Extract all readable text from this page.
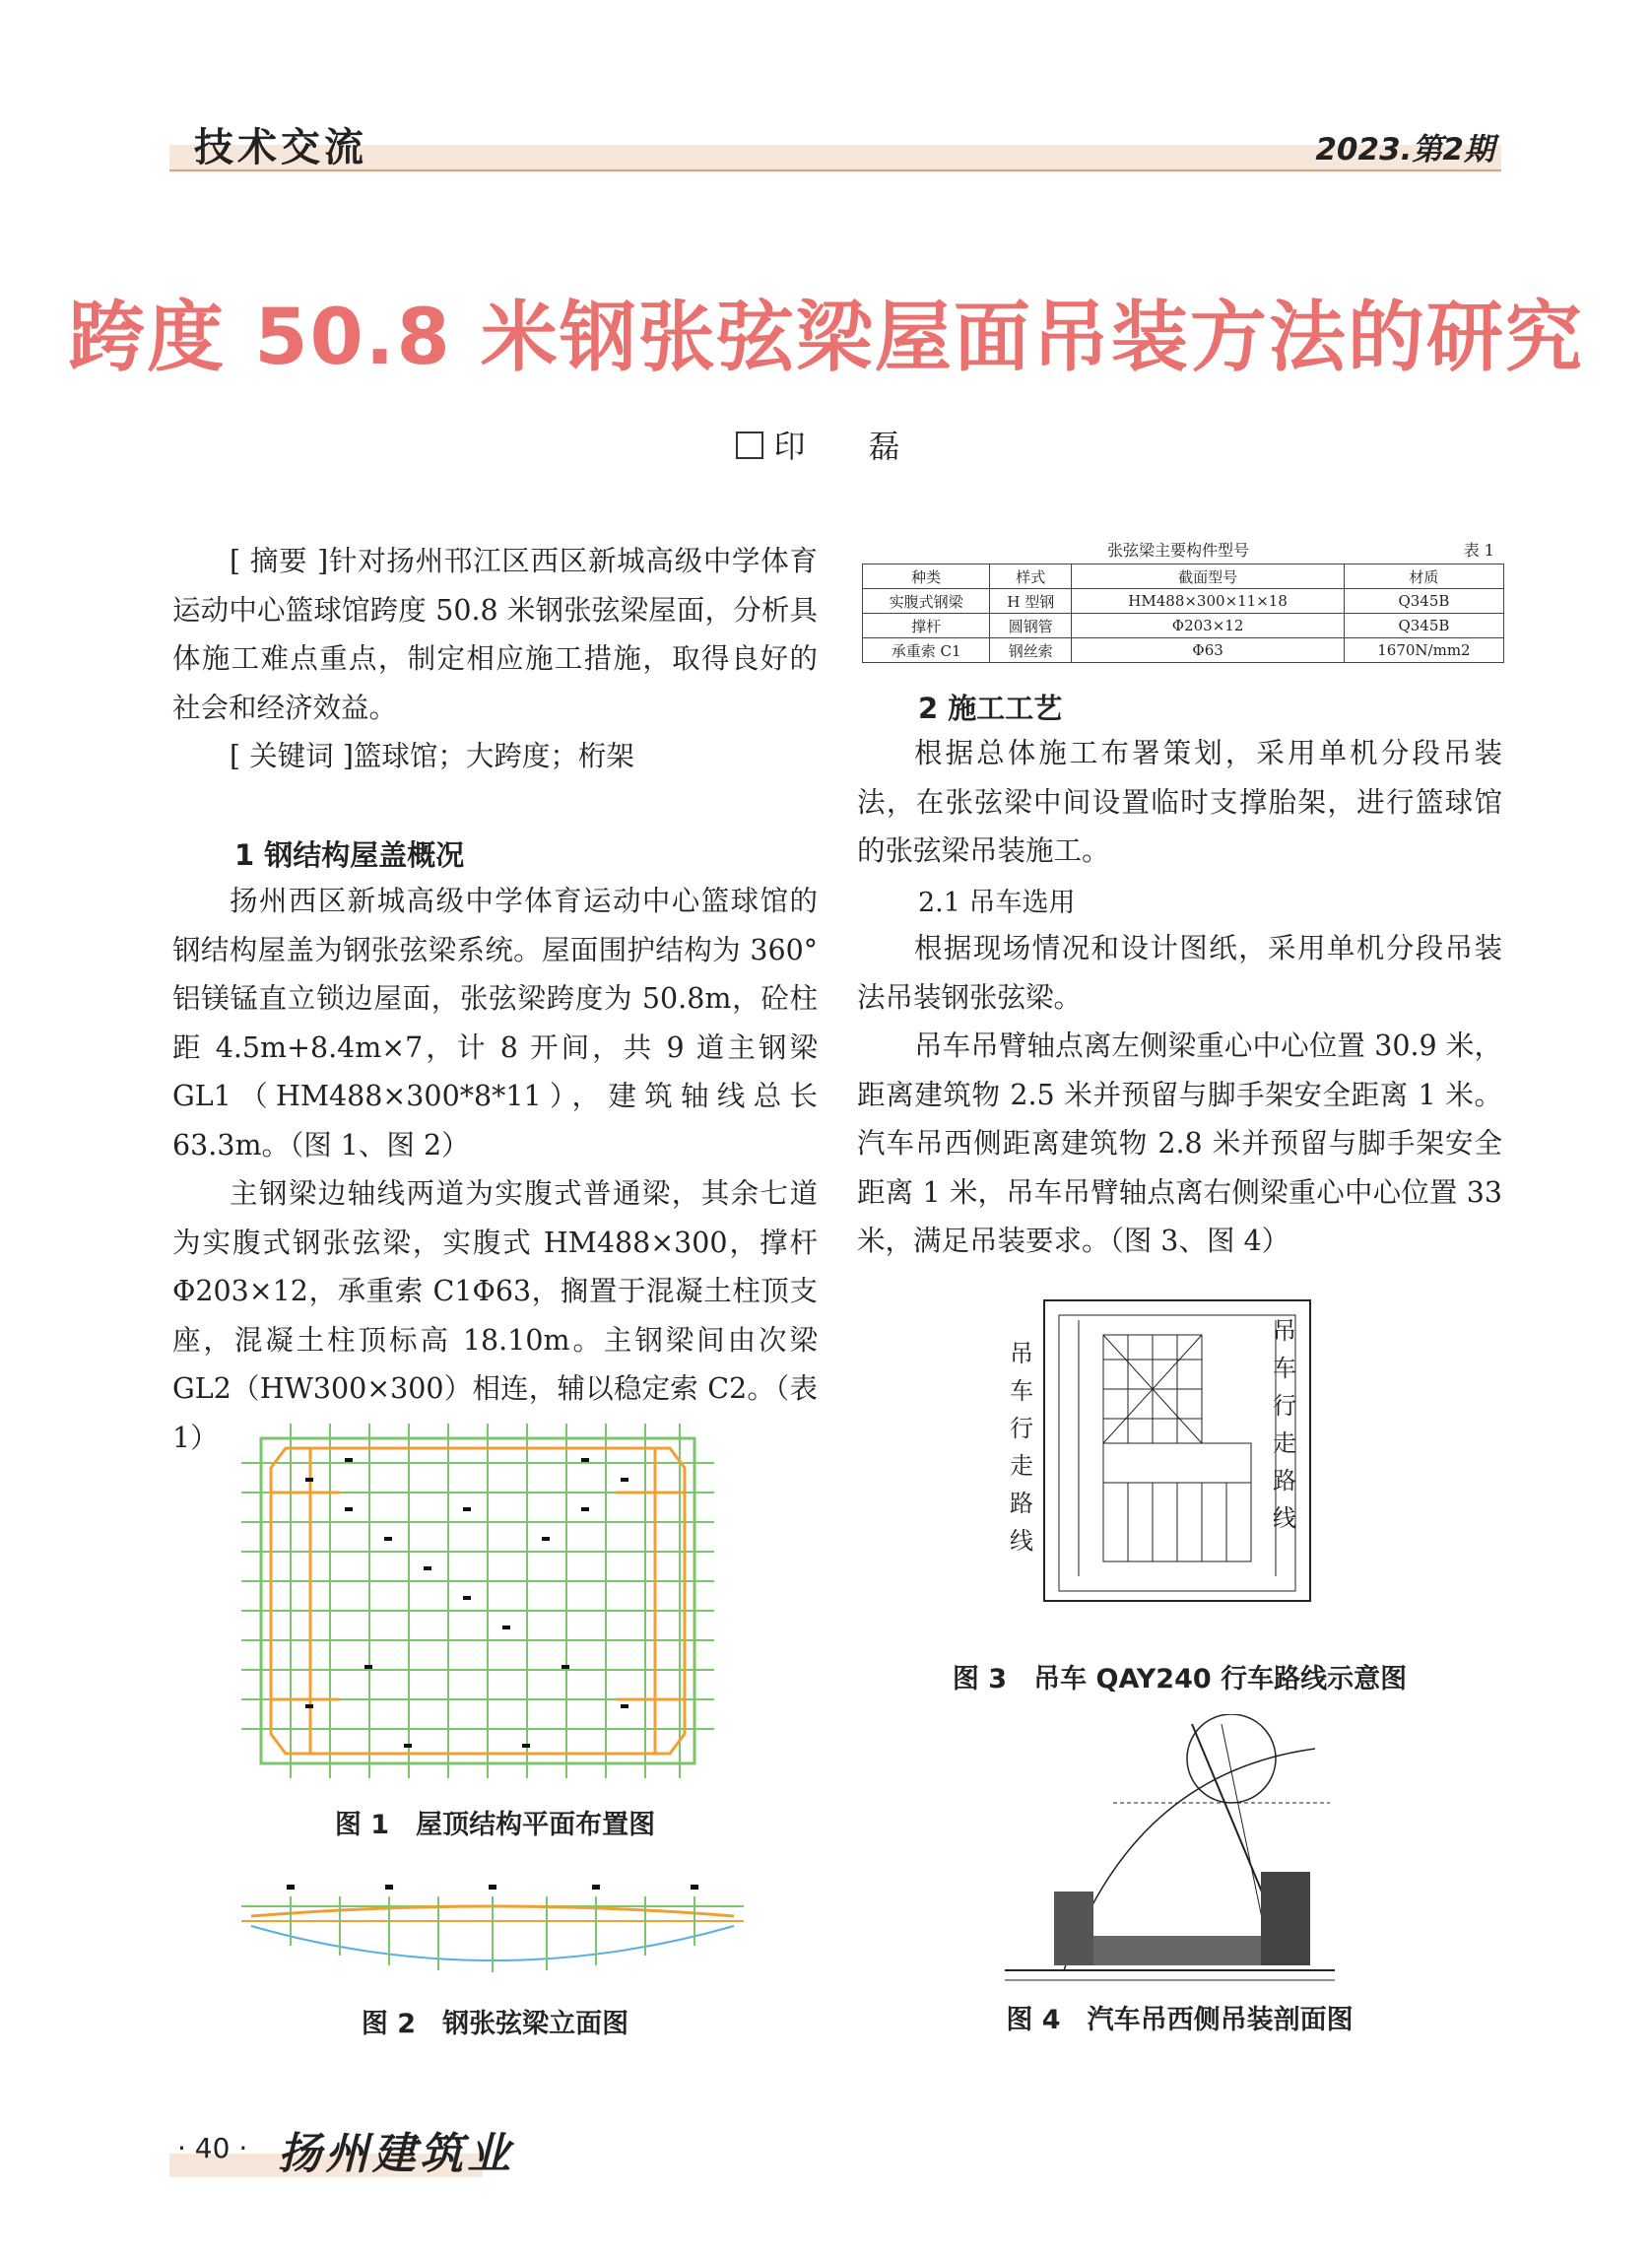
技术交流	2023.第2期
跨度 50.8 米钢张弦梁屋面吊装方法的研究
印　磊
[ 摘要 ]针对扬州邗江区西区新城高级中学体育运动中心篮球馆跨度 50.8 米钢张弦梁屋面，分析具体施工难点重点，制定相应施工措施，取得良好的社会和经济效益。
[ 关键词 ]篮球馆；大跨度；桁架
1 钢结构屋盖概况
扬州西区新城高级中学体育运动中心篮球馆的钢结构屋盖为钢张弦梁系统。屋面围护结构为 360° 铝镁锰直立锁边屋面，张弦梁跨度为 50.8m，砼柱距 4.5m+8.4m×7，计 8 开间，共 9 道主钢梁 GL1（HM488×300*8*11），建筑轴线总长 63.3m。（图 1、图 2）
主钢梁边轴线两道为实腹式普通梁，其余七道为实腹式钢张弦梁，实腹式 HM488×300，撑杆 Φ203×12，承重索 C1Φ63，搁置于混凝土柱顶支座，混凝土柱顶标高 18.10m。主钢梁间由次梁 GL2（HW300×300）相连，辅以稳定索 C2。（表 1）
图 1　屋顶结构平面布置图
图 2　钢张弦梁立面图
张弦梁主要构件型号	表 1
种类	样式	截面型号	材质
实腹式钢梁	H 型钢	HM488×300×11×18	Q345B
撑杆	圆钢管	Φ203×12	Q345B
承重索 C1	钢丝索	Φ63	1670N/mm2
2 施工工艺
根据总体施工布署策划，采用单机分段吊装法，在张弦梁中间设置临时支撑胎架，进行篮球馆的张弦梁吊装施工。
2.1 吊车选用
根据现场情况和设计图纸，采用单机分段吊装法吊装钢张弦梁。
吊车吊臂轴点离左侧梁重心中心位置 30.9 米，距离建筑物 2.5 米并预留与脚手架安全距离 1 米。汽车吊西侧距离建筑物 2.8 米并预留与脚手架安全距离 1 米，吊车吊臂轴点离右侧梁重心中心位置 33 米，满足吊装要求。（图 3、图 4）
吊车行走路线
吊车行走路线
图 3　吊车 QAY240 行车路线示意图
图 4　汽车吊西侧吊装剖面图
· 40 · 扬州建筑业
